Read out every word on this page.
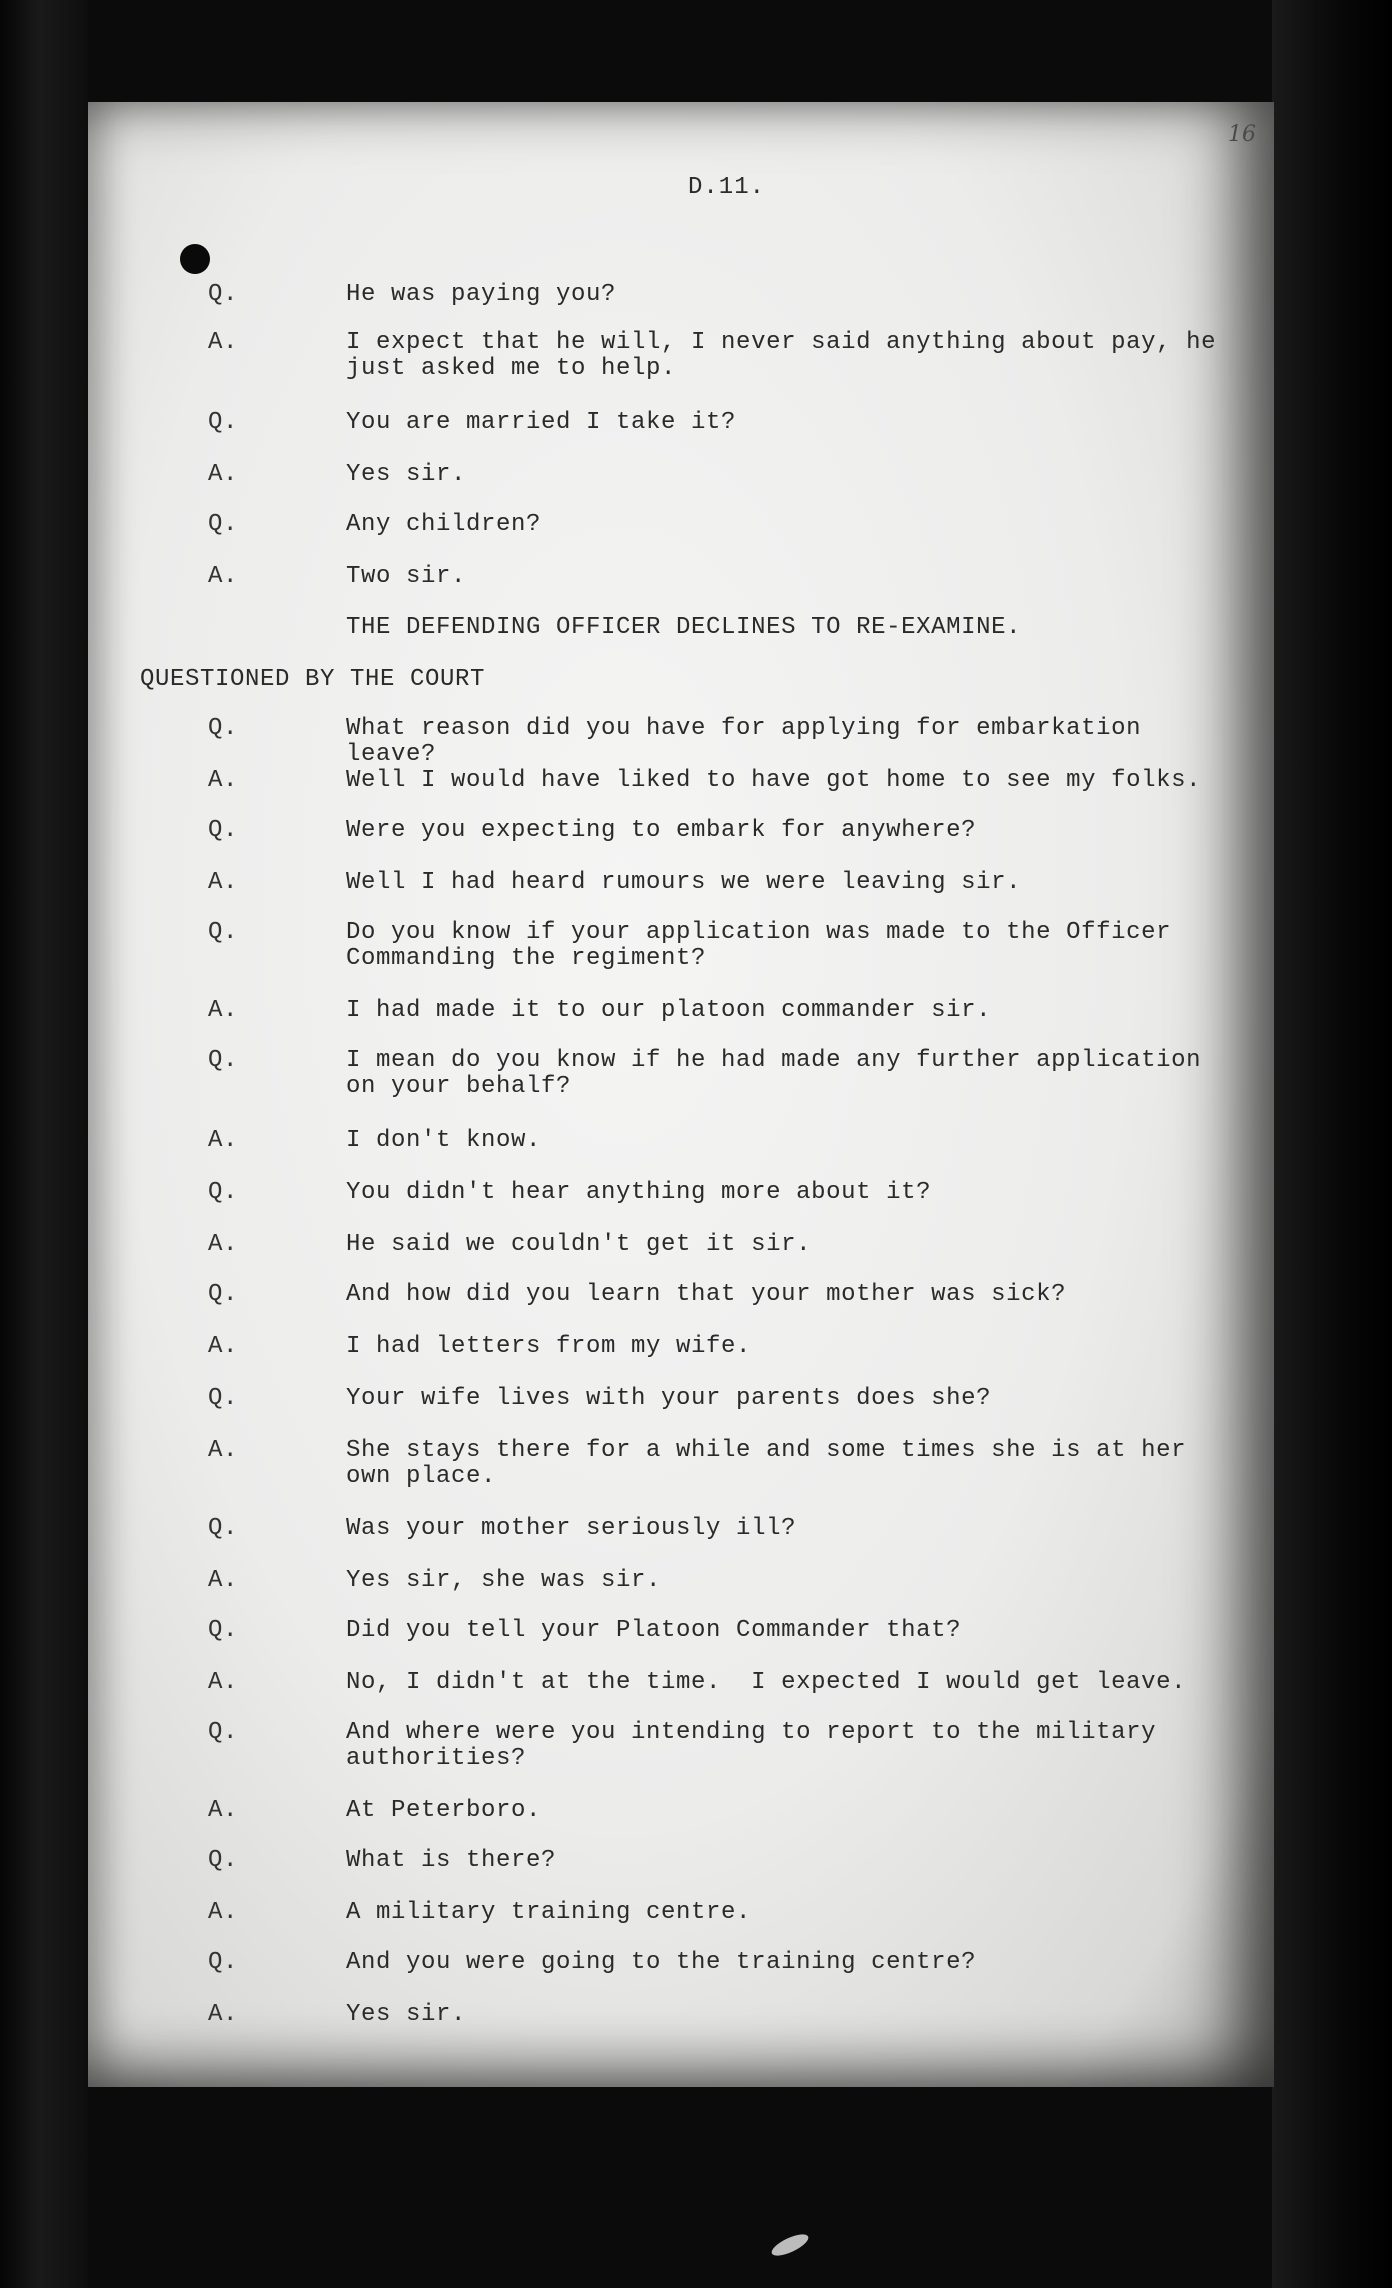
16
D.11.
Q.	He was paying you?
A.	I expect that he will, I never said anything about pay, he
just asked me to help.
Q.	You are married I take it?
A.	Yes sir.
Q.	Any children?
A.	Two sir.
THE DEFENDING OFFICER DECLINES TO RE-EXAMINE.
QUESTIONED BY THE COURT
Q.	What reason did you have for applying for embarkation leave?
A.	Well I would have liked to have got home to see my folks.
Q.	Were you expecting to embark for anywhere?
A.	Well I had heard rumours we were leaving sir.
Q.	Do you know if your application was made to the Officer
Commanding the regiment?
A.	I had made it to our platoon commander sir.
Q.	I mean do you know if he had made any further application
on your behalf?
A.	I don't know.
Q.	You didn't hear anything more about it?
A.	He said we couldn't get it sir.
Q.	And how did you learn that your mother was sick?
A.	I had letters from my wife.
Q.	Your wife lives with your parents does she?
A.	She stays there for a while and some times she is at her
own place.
Q.	Was your mother seriously ill?
A.	Yes sir, she was sir.
Q.	Did you tell your Platoon Commander that?
A.	No, I didn't at the time.  I expected I would get leave.
Q.	And where were you intending to report to the military
authorities?
A.	At Peterboro.
Q.	What is there?
A.	A military training centre.
Q.	And you were going to the training centre?
A.	Yes sir.
